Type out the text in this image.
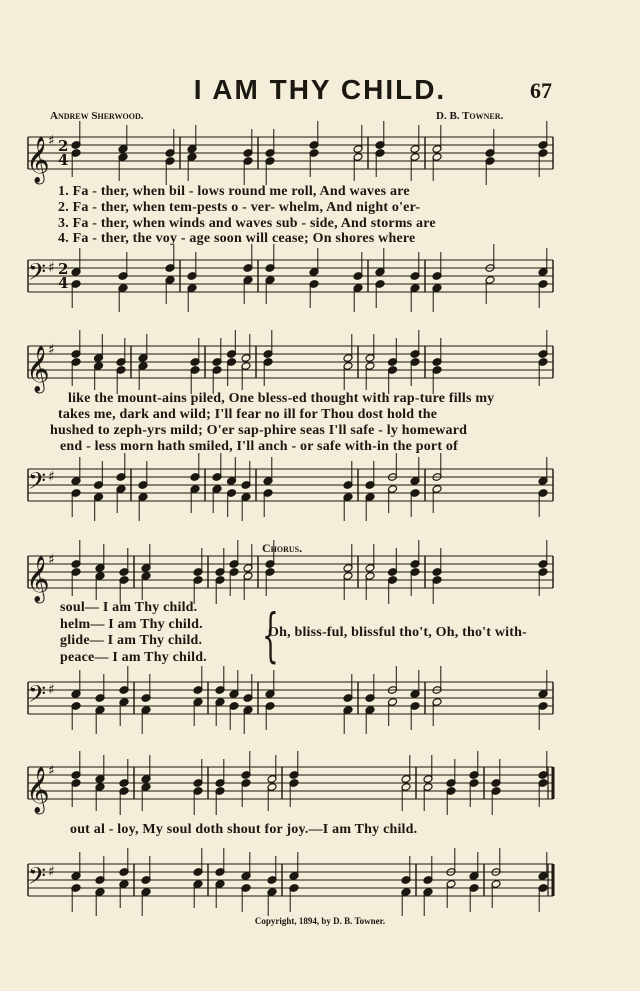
I AM THY CHILD.	67
Andrew Sherwood.	D. B. Towner.
Chorus.
𝄞
𝄢
♯
♯
2
4
2
4
𝄞
𝄢
♯
♯
𝄞
𝄢
♯
♯
𝄞
𝄢
♯
♯
1. Fa - ther, when bil - lows round me roll, And waves are
2. Fa - ther, when tem-pests o - ver- whelm, And night o'er-
3. Fa - ther, when winds and waves sub - side, And storms are
4. Fa - ther, the voy - age soon will cease; On shores where
like the mount-ains piled, One bless-ed thought with rap-ture fills my
takes me, dark and wild; I'll fear no ill for Thou dost hold the
hushed to zeph-yrs mild; O'er sap-phire seas I'll safe - ly homeward
end - less morn hath smiled, I'll anch - or safe with-in the port of
soul— I am Thy child.
helm— I am Thy child.
glide— I am Thy child.
peace— I am Thy child. {
Oh, bliss-ful, blissful tho't, Oh, tho't with-
out al - loy, My soul doth shout for joy.—I am Thy child.
Copyright, 1894, by D. B. Towner.
